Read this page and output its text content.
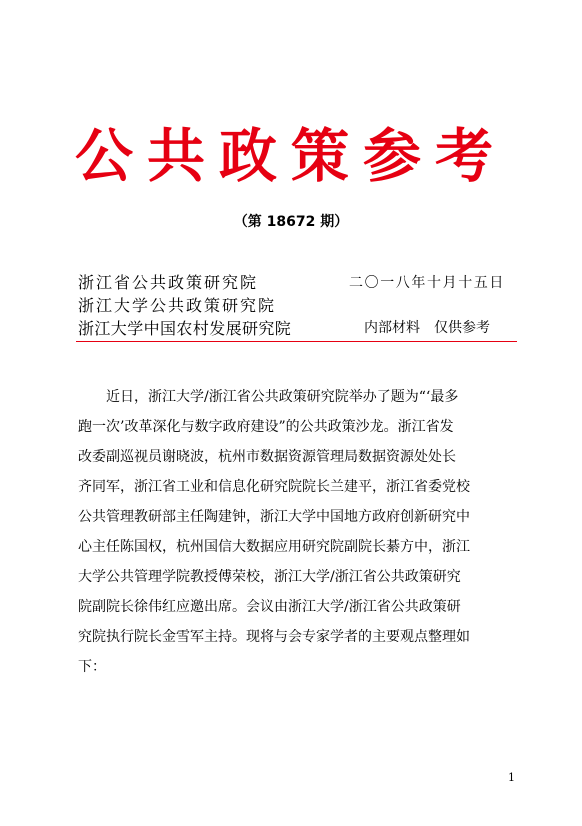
公共政策参考
（第 18672 期）
浙江省公共政策研究院
浙江大学公共政策研究院
浙江大学中国农村发展研究院
二〇一八年十月十五日
内部材料 仅供参考
近日，浙江大学/浙江省公共政策研究院举办了题为“‘最多
跑一次’改革深化与数字政府建设”的公共政策沙龙。浙江省发
改委副巡视员谢晓波，杭州市数据资源管理局数据资源处处长
齐同军，浙江省工业和信息化研究院院长兰建平，浙江省委党校
公共管理教研部主任陶建钟，浙江大学中国地方政府创新研究中
心主任陈国权，杭州国信大数据应用研究院副院长綦方中，浙江
大学公共管理学院教授傅荣校，浙江大学/浙江省公共政策研究
院副院长徐伟红应邀出席。会议由浙江大学/浙江省公共政策研
究院执行院长金雪军主持。现将与会专家学者的主要观点整理如
下：
1
